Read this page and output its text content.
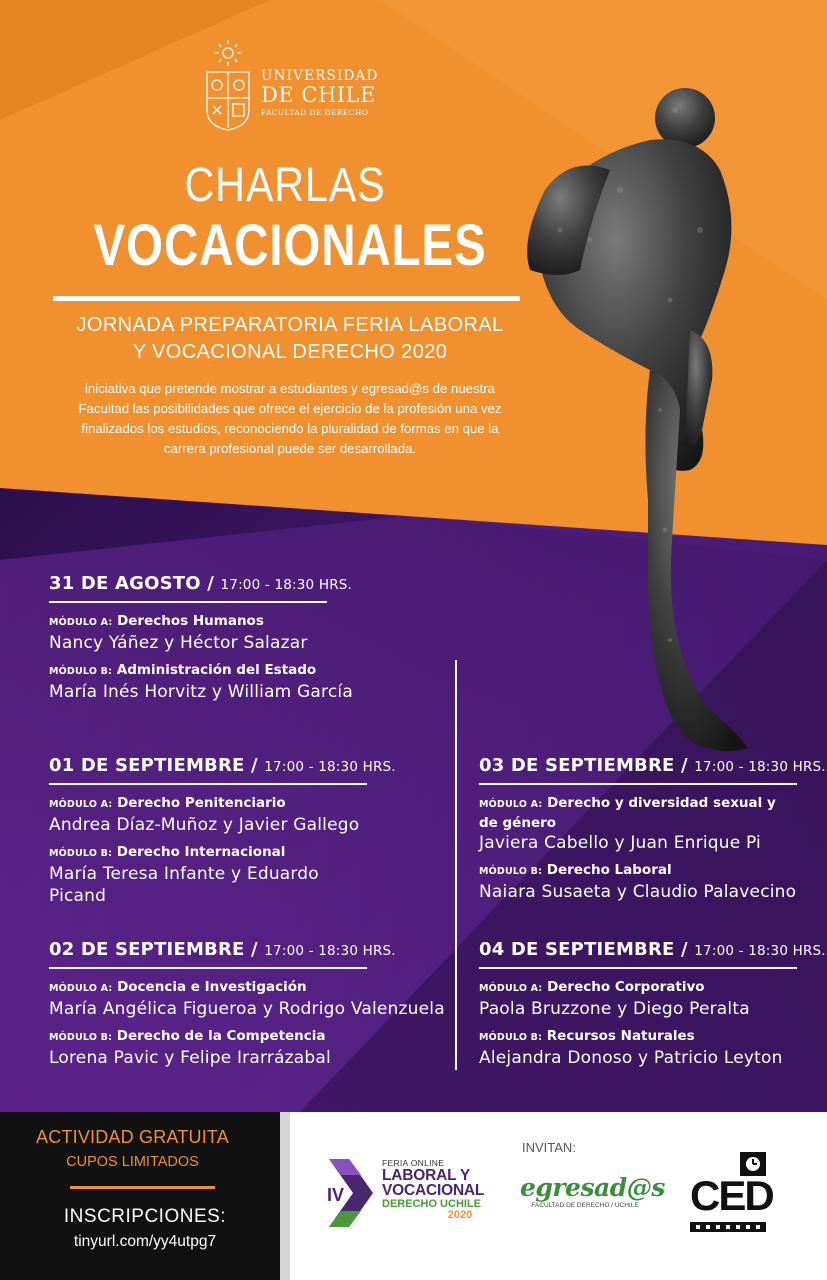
UNIVERSIDAD
DE CHILE
FACULTAD DE DERECHO
CHARLAS
VOCACIONALES
JORNADA PREPARATORIA FERIA LABORAL
Y VOCACIONAL DERECHO 2020
iniciativa que pretende mostrar a estudiantes y egresad@s de nuestra
Facultad las posibilidades que ofrece el ejercicio de la profesión una vez
finalizados los estudios, reconociendo la pluralidad de formas en que la
carrera profesional puede ser desarrollada.
31 DE AGOSTO / 17:00 - 18:30 HRS.
MÓDULO A: Derechos Humanos
Nancy Yáñez y Héctor Salazar
MÓDULO B: Administración del Estado
María Inés Horvitz y William García
01 DE SEPTIEMBRE / 17:00 - 18:30 HRS.
MÓDULO A: Derecho Penitenciario
Andrea Díaz-Muñoz y Javier Gallego
MÓDULO B: Derecho Internacional
María Teresa Infante y Eduardo Picand
02 DE SEPTIEMBRE / 17:00 - 18:30 HRS.
MÓDULO A: Docencia e Investigación
María Angélica Figueroa y Rodrigo Valenzuela
MÓDULO B: Derecho de la Competencia
Lorena Pavic y Felipe Irarrázabal
03 DE SEPTIEMBRE / 17:00 - 18:30 HRS.
MÓDULO A: Derecho y diversidad sexual y
de género
Javiera Cabello y Juan Enrique Pi
MÓDULO B: Derecho Laboral
Naiara Susaeta y Claudio Palavecino
04 DE SEPTIEMBRE / 17:00 - 18:30 HRS.
MÓDULO A: Derecho Corporativo
Paola Bruzzone y Diego Peralta
MÓDULO B: Recursos Naturales
Alejandra Donoso y Patricio Leyton
ACTIVIDAD GRATUITA
CUPOS LIMITADOS
INSCRIPCIONES:
tinyurl.com/yy4utpg7
INVITAN:
IV
FERIA ONLINE
LABORAL Y
VOCACIONAL
DERECHO UCHILE
2020
egresad@s
FACULTAD DE DERECHO / UCHILE CED
